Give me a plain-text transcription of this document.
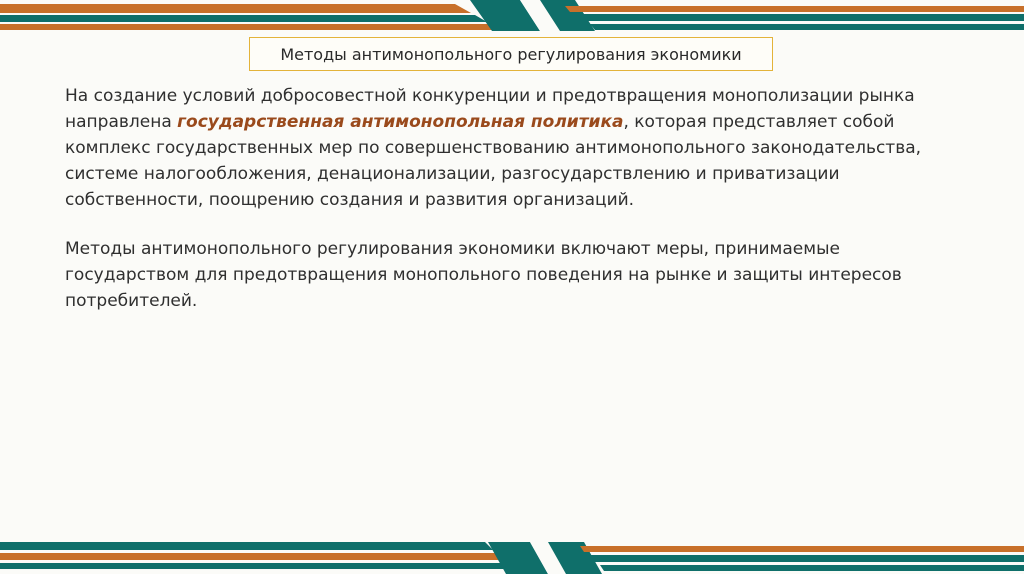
Методы антимонопольного регулирования экономики

На создание условий добросовестной конкуренции и предотвращения монополизации рынка направлена государственная антимонопольная политика, которая представляет собой комплекс государственных мер по совершенствованию антимонопольного законодательства, системе налогообложения, денационализации, разгосударствлению и приватизации собственности, поощрению создания и развития организаций.

Методы антимонопольного регулирования экономики включают меры, принимаемые государством для предотвращения монопольного поведения на рынке и защиты интересов потребителей.
